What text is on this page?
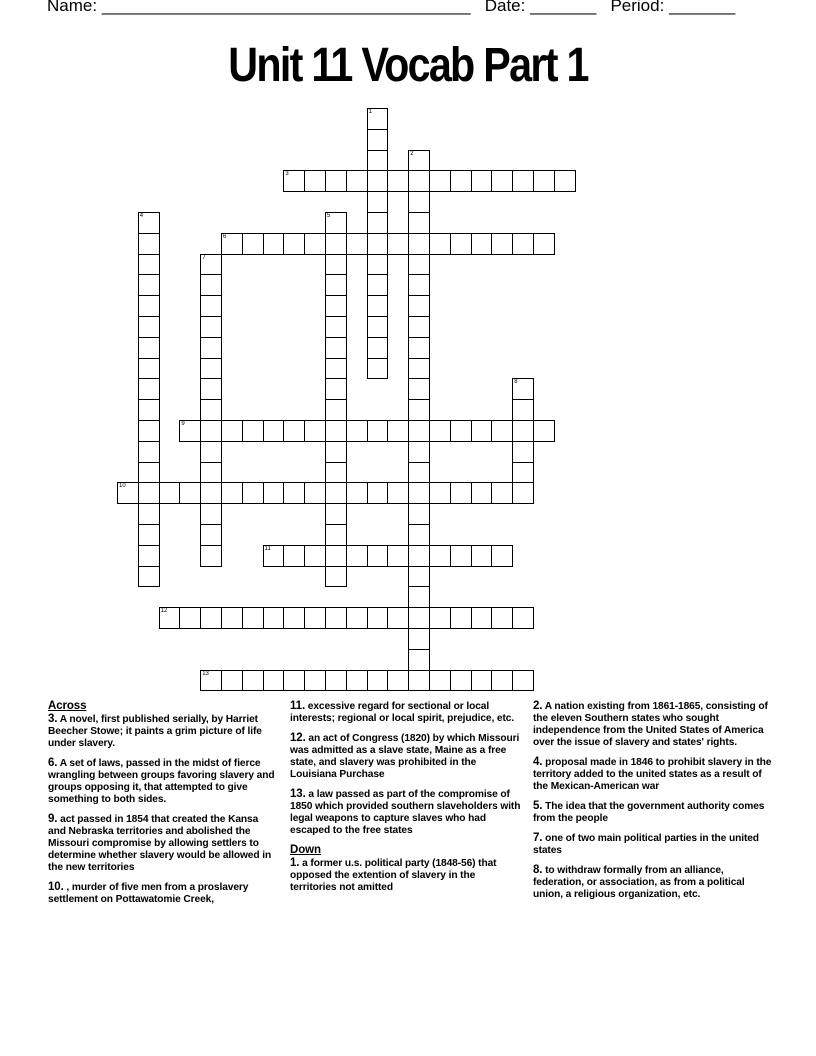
Name: _______________________________________ Date: _______ Period: _______
Unit 11 Vocab Part 1
1
2
3
4	5
6
7
8
9
10
11
12
13
Across
3. A novel, first published serially, by Harriet Beecher Stowe; it paints a grim picture of life under slavery.
6. A set of laws, passed in the midst of fierce wrangling between groups favoring slavery and groups opposing it, that attempted to give something to both sides.
9. act passed in 1854 that created the Kansa and Nebraska territories and abolished the Missouri compromise by allowing settlers to determine whether slavery would be allowed in the new territories
10. , murder of five men from a proslavery settlement on Pottawatomie Creek,
11. excessive regard for sectional or local interests; regional or local spirit, prejudice, etc.
12. an act of Congress (1820) by which Missouri was admitted as a slave state, Maine as a free state, and slavery was prohibited in the Louisiana Purchase
13. a law passed as part of the compromise of 1850 which provided southern slaveholders with legal weapons to capture slaves who had escaped to the free states
Down
1. a former u.s. political party (1848-56) that opposed the extention of slavery in the territories not amitted
2. A nation existing from 1861-1865, consisting of the eleven Southern states who sought independence from the United States of America over the issue of slavery and states' rights.
4. proposal made in 1846 to prohibit slavery in the territory added to the united states as a result of the Mexican-American war
5. The idea that the government authority comes from the people
7. one of two main political parties in the united states
8. to withdraw formally from an alliance, federation, or association, as from a political union, a religious organization, etc.
